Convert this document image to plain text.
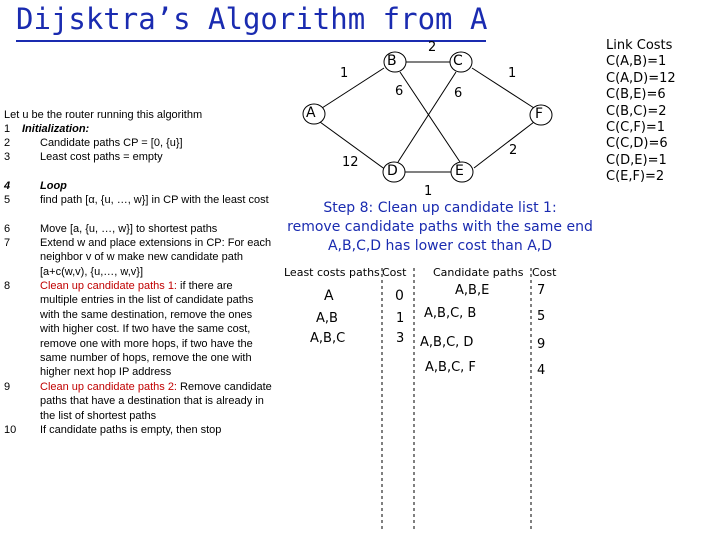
Dijsktra’s Algorithm from A
A
B	C
D	E
F
1
2
1
2
1
12
6	6
Let u be the router running this algorithm
1	Initialization:
2	Candidate paths CP = [0, {u}]
3	Least cost paths = empty
4	Loop
5	find path [α, {u, …, w}] in CP with the least cost
6	Move [a, {u, …, w}] to shortest paths
7	Extend w and place extensions in CP: For each neighbor v of w make new candidate path [a+c(w,v), {u,…, w,v}]
8	Clean up candidate paths 1: if there are multiple entries in the list of candidate paths with the same destination, remove the ones with higher cost. If two have the same cost, remove one with more hops, if two have the same number of hops, remove the one with higher next hop IP address
9	Clean up candidate paths 2: Remove candidate paths that have a destination that is already in the list of shortest paths
10	If candidate paths is empty, then stop
Step 8: Clean up candidate list 1:
remove candidate paths with the same end
A,B,C,D has lower cost than A,D
Least costs paths Cost Candidate paths Cost
A	0
A,B	1
A,B,C	3
A,B,E	7
A,B,C, B	5
A,B,C, D	9
A,B,C, F	4
Link Costs
C(A,B)=1
C(A,D)=12
C(B,E)=6
C(B,C)=2
C(C,F)=1
C(C,D)=6
C(D,E)=1
C(E,F)=2
